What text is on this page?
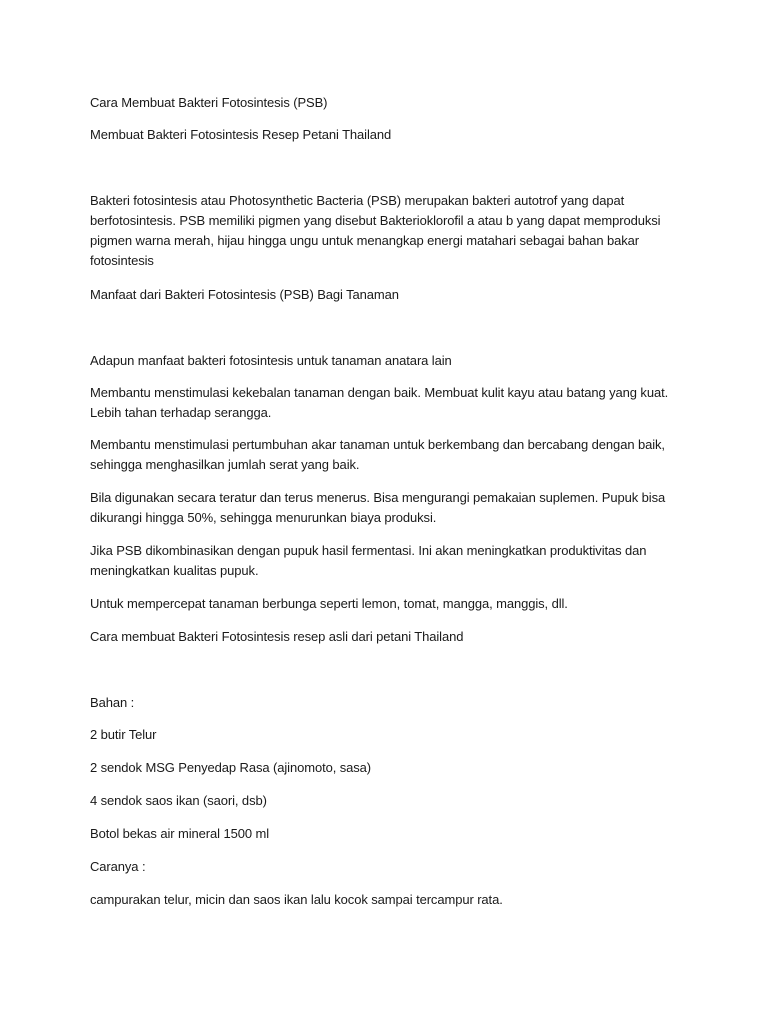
Cara Membuat Bakteri Fotosintesis (PSB)

Membuat Bakteri Fotosintesis Resep Petani Thailand

Bakteri fotosintesis atau Photosynthetic Bacteria (PSB) merupakan bakteri autotrof yang dapat berfotosintesis. PSB memiliki pigmen yang disebut Bakterioklorofil a atau b yang dapat memproduksi pigmen warna merah, hijau hingga ungu untuk menangkap energi matahari sebagai bahan bakar fotosintesis

Manfaat dari Bakteri Fotosintesis (PSB) Bagi Tanaman

Adapun manfaat bakteri fotosintesis untuk tanaman anatara lain

Membantu menstimulasi kekebalan tanaman dengan baik. Membuat kulit kayu atau batang yang kuat. Lebih tahan terhadap serangga.

Membantu menstimulasi pertumbuhan akar tanaman untuk berkembang dan bercabang dengan baik, sehingga menghasilkan jumlah serat yang baik.

Bila digunakan secara teratur dan terus menerus. Bisa mengurangi pemakaian suplemen. Pupuk bisa dikurangi hingga 50%, sehingga menurunkan biaya produksi.

Jika PSB dikombinasikan dengan pupuk hasil fermentasi. Ini akan meningkatkan produktivitas dan meningkatkan kualitas pupuk.

Untuk mempercepat tanaman berbunga seperti lemon, tomat, mangga, manggis, dll.

Cara membuat Bakteri Fotosintesis resep asli dari petani Thailand

Bahan :

2 butir Telur

2 sendok MSG Penyedap Rasa (ajinomoto, sasa)

4 sendok saos ikan (saori, dsb)

Botol bekas air mineral 1500 ml

Caranya :

campurakan telur, micin dan saos ikan lalu kocok sampai tercampur rata.
